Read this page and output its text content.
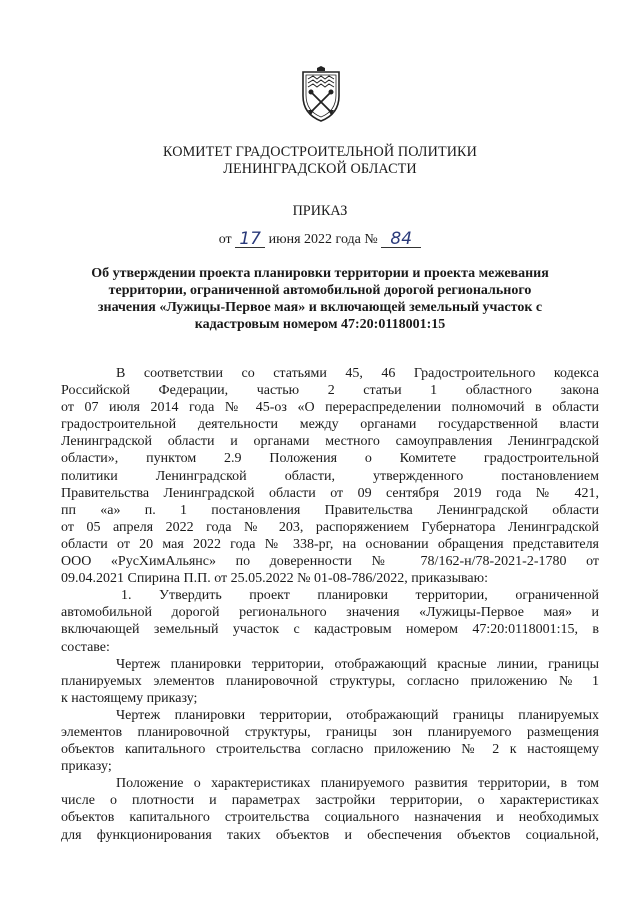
КОМИТЕТ ГРАДОСТРОИТЕЛЬНОЙ ПОЛИТИКИ
ЛЕНИНГРАДСКОЙ ОБЛАСТИ
ПРИКАЗ
от 17 июня 2022 года № 84
Об утверждении проекта планировки территории и проекта межевания
территории, ограниченной автомобильной дорогой регионального
значения «Лужицы-Первое мая» и включающей земельный участок с
кадастровым номером 47:20:0118001:15
В соответствии со статьями 45, 46 Градостроительного кодекса
Российской Федерации, частью 2 статьи 1 областного закона
от 07 июля 2014 года № 45-оз «О перераспределении полномочий в области
градостроительной деятельности между органами государственной власти
Ленинградской области и органами местного самоуправления Ленинградской
области», пунктом 2.9 Положения о Комитете градостроительной
политики Ленинградской области, утвержденного постановлением
Правительства Ленинградской области от 09 сентября 2019 года № 421,
пп «а» п. 1 постановления Правительства Ленинградской области
от 05 апреля 2022 года № 203, распоряжением Губернатора Ленинградской
области от 20 мая 2022 года № 338-рг, на основании обращения представителя
ООО «РусХимАльянс» по доверенности № 78/162-н/78-2021-2-1780 от
09.04.2021 Спирина П.П. от 25.05.2022 № 01-08-786/2022, приказываю:
1. Утвердить проект планировки территории, ограниченной
автомобильной дорогой регионального значения «Лужицы-Первое мая» и
включающей земельный участок с кадастровым номером 47:20:0118001:15, в
составе:
Чертеж планировки территории, отображающий красные линии, границы
планируемых элементов планировочной структуры, согласно приложению № 1
к настоящему приказу;
Чертеж планировки территории, отображающий границы планируемых
элементов планировочной структуры, границы зон планируемого размещения
объектов капитального строительства согласно приложению № 2 к настоящему
приказу;
Положение о характеристиках планируемого развития территории, в том
числе о плотности и параметрах застройки территории, о характеристиках
объектов капитального строительства социального назначения и необходимых
для функционирования таких объектов и обеспечения объектов социальной,
